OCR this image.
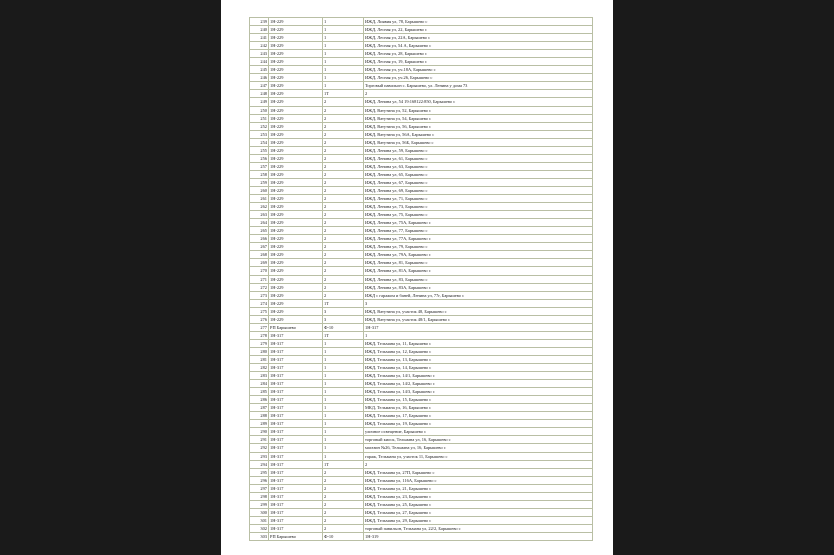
239	1Н-229	1	ИЖД, Лиявия ул, 78, Барышево с
240	1Н-229	1	ИЖД, Лесная ул, 22, Барышево с
241	1Н-229	1	ИЖД, Лесная ул, 22А, Барышево с
242	1Н-229	1	ИЖД, Лесная ул, 54 А, Барышево с
243	1Н-229	1	ИЖД, Лесная ул, 28, Барышево с
244	1Н-229	1	ИЖД, Лесная ул, 19, Барышево с
245	1Н-229	1	ИЖД, Лесная ул, уч.18А, Барышево с
246	1Н-229	1	ИЖД, Лесная ул, уч.26, Барышево с
247	1Н-229	1	Торговый павильон с. Барышево, ул. Ленина у дома 73
248	1Н-229	1Т	2
249	1Н-229	2	ИЖД, Ленина ул, 54 19:168122:850, Барышево с
250	1Н-229	2	ИЖД, Ватутина ул, 52, Барышево с
251	1Н-229	2	ИЖД, Ватутина ул, 54, Барышево с
252	1Н-229	2	ИЖД, Ватутина ул, 56, Барышево с
253	1Н-229	2	ИЖД, Ватутина ул, 56А, Барышево с
254	1Н-229	2	ИЖД, Ватутина ул, 56Б, Барышево с
255	1Н-229	2	ИЖД, Ленина ул, 59, Барышево с
256	1Н-229	2	ИЖД, Ленина ул, 61, Барышево с
257	1Н-229	2	ИЖД, Ленина ул, 63, Барышево с
258	1Н-229	2	ИЖД, Ленина ул, 65, Барышево с
259	1Н-229	2	ИЖД, Ленина ул, 67, Барышево с
260	1Н-229	2	ИЖД, Ленина ул, 69, Барышево с
261	1Н-229	2	ИЖД, Ленина ул, 71, Барышево с
262	1Н-229	2	ИЖД, Ленина ул, 73, Барышево с
263	1Н-229	2	ИЖД, Ленина ул, 75, Барышево с
264	1Н-229	2	ИЖД, Ленина ул, 75А, Барышево с
265	1Н-229	2	ИЖД, Ленина ул, 77, Барышево с
266	1Н-229	2	ИЖД, Ленина ул, 77А, Барышево с
267	1Н-229	2	ИЖД, Ленина ул, 79, Барышево с
268	1Н-229	2	ИЖД, Ленина ул, 79А, Барышево с
269	1Н-229	2	ИЖД, Ленина ул, 81, Барышево с
270	1Н-229	2	ИЖД, Ленина ул, 81А, Барышево с
271	1Н-229	2	ИЖД, Ленина ул, 83, Барышево с
272	1Н-229	2	ИЖД, Ленина ул, 83А, Барышево с
273	1Н-229	2	ИЖД с гаражом и баней, Ленина ул, 77г, Барышево с
274	1Н-229	1Т	3
275	1Н-229	3	ИЖД, Ватутина ул, участок 48, Барышево с
276	1Н-229	3	ИЖД, Ватутина ул, участок 48/1, Барышево с
277	РП Барышево	Ф-10	1Н-317
278	1Н-317	1Т	1
279	1Н-317	1	ИЖД, Тельмана ул, 11, Барышево с
280	1Н-317	1	ИЖД, Тельмана ул, 12, Барышево с
281	1Н-317	1	ИЖД, Тельмана ул, 13, Барышево с
282	1Н-317	1	ИЖД, Тельмана ул, 14, Барышево с
283	1Н-317	1	ИЖД, Тельмана ул, 14/1, Барышево с
284	1Н-317	1	ИЖД, Тельмана ул, 14/2, Барышево с
285	1Н-317	1	ИЖД, Тельмана ул, 14/3, Барышево с
286	1Н-317	1	ИЖД, Тельмана ул, 15, Барышево с
287	1Н-317	1	МКД, Тельмана ул, 16, Барышево с
288	1Н-317	1	ИЖД, Тельмана ул, 17, Барышево с
289	1Н-317	1	ИЖД, Тельмана ул, 19, Барышево с
290	1Н-317	1	уличное освещение, Барышево с
291	1Н-317	1	торговый киоск, Тельмана ул, 16, Барышево с
292	1Н-317	1	магазин №26, Тельмана ул, 16, Барышево с
293	1Н-317	1	гараж, Тельмана ул, участок 11, Барышево с
294	1Н-317	1Т	2
295	1Н-317	2	ИЖД, Тельмана ул, 27П, Барышево с
296	1Н-317	2	ИЖД, Тельмана ул, 116А, Барышево с
297	1Н-317	2	ИЖД, Тельмана ул, 21, Барышево с
298	1Н-317	2	ИЖД, Тельмана ул, 23, Барышево с
299	1Н-317	2	ИЖД, Тельмана ул, 25, Барышево с
300	1Н-317	2	ИЖД, Тельмана ул, 27, Барышево с
301	1Н-317	2	ИЖД, Тельмана ул, 29, Барышево с
302	1Н-317	2	торговый павильон, Тельмана ул, 22/2, Барышево с
303	РП Барышево	Ф-10	1Н-319
